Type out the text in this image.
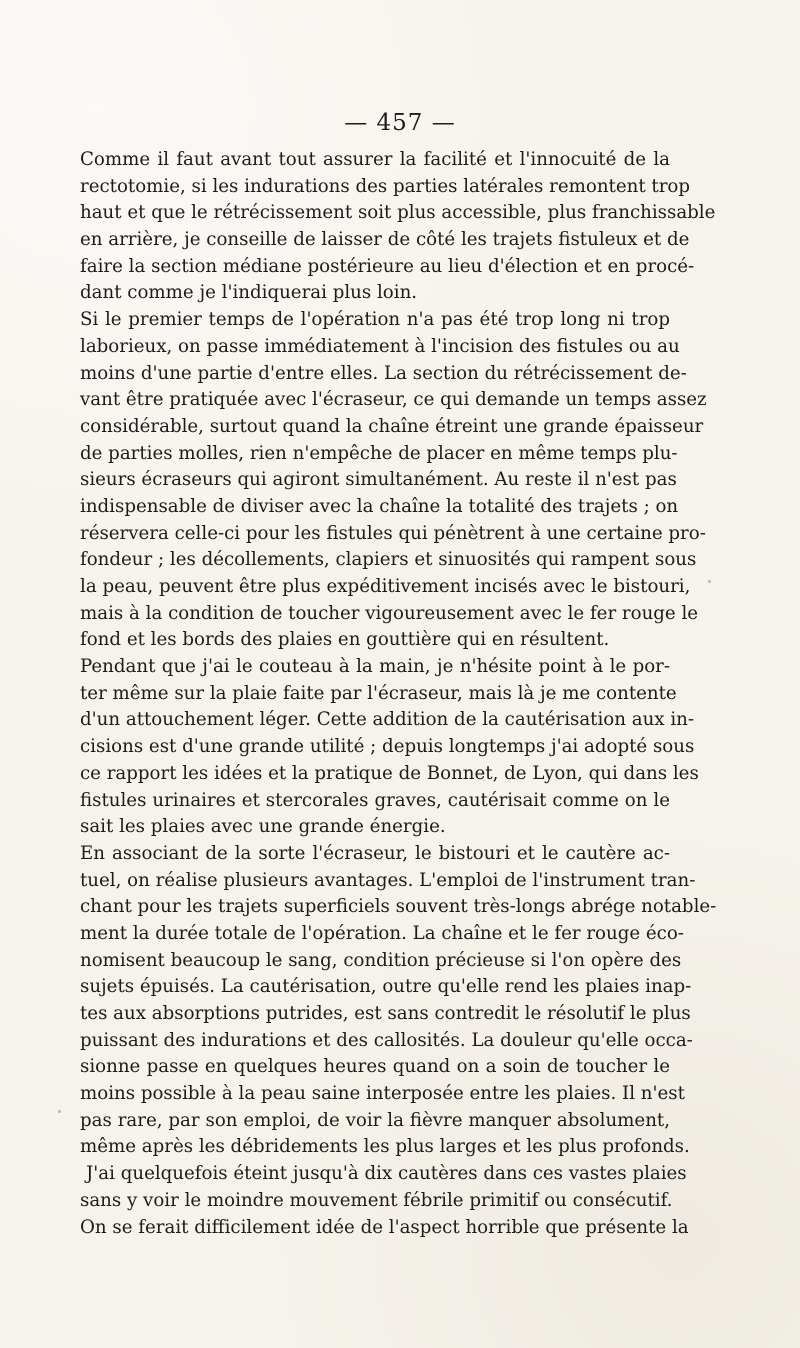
— 457 —
Comme il faut avant tout assurer la facilité et l'innocuité de la
rectotomie, si les indurations des parties latérales remontent trop
haut et que le rétrécissement soit plus accessible, plus franchissable
en arrière, je conseille de laisser de côté les trajets fistuleux et de
faire la section médiane postérieure au lieu d'élection et en procé-
dant comme je l'indiquerai plus loin.
Si le premier temps de l'opération n'a pas été trop long ni trop
laborieux, on passe immédiatement à l'incision des fistules ou au
moins d'une partie d'entre elles. La section du rétrécissement de-
vant être pratiquée avec l'écraseur, ce qui demande un temps assez
considérable, surtout quand la chaîne étreint une grande épaisseur
de parties molles, rien n'empêche de placer en même temps plu-
sieurs écraseurs qui agiront simultanément. Au reste il n'est pas
indispensable de diviser avec la chaîne la totalité des trajets ; on
réservera celle-ci pour les fistules qui pénètrent à une certaine pro-
fondeur ; les décollements, clapiers et sinuosités qui rampent sous
la peau, peuvent être plus expéditivement incisés avec le bistouri,
mais à la condition de toucher vigoureusement avec le fer rouge le
fond et les bords des plaies en gouttière qui en résultent.
Pendant que j'ai le couteau à la main, je n'hésite point à le por-
ter même sur la plaie faite par l'écraseur, mais là je me contente
d'un attouchement léger. Cette addition de la cautérisation aux in-
cisions est d'une grande utilité ; depuis longtemps j'ai adopté sous
ce rapport les idées et la pratique de Bonnet, de Lyon, qui dans les
fistules urinaires et stercorales graves, cautérisait comme on le
sait les plaies avec une grande énergie.
En associant de la sorte l'écraseur, le bistouri et le cautère ac-
tuel, on réalise plusieurs avantages. L'emploi de l'instrument tran-
chant pour les trajets superficiels souvent très-longs abrége notable-
ment la durée totale de l'opération. La chaîne et le fer rouge éco-
nomisent beaucoup le sang, condition précieuse si l'on opère des
sujets épuisés. La cautérisation, outre qu'elle rend les plaies inap-
tes aux absorptions putrides, est sans contredit le résolutif le plus
puissant des indurations et des callosités. La douleur qu'elle occa-
sionne passe en quelques heures quand on a soin de toucher le
moins possible à la peau saine interposée entre les plaies. Il n'est
pas rare, par son emploi, de voir la fièvre manquer absolument,
même après les débridements les plus larges et les plus profonds.
J'ai quelquefois éteint jusqu'à dix cautères dans ces vastes plaies
sans y voir le moindre mouvement fébrile primitif ou consécutif.
On se ferait difficilement idée de l'aspect horrible que présente la
